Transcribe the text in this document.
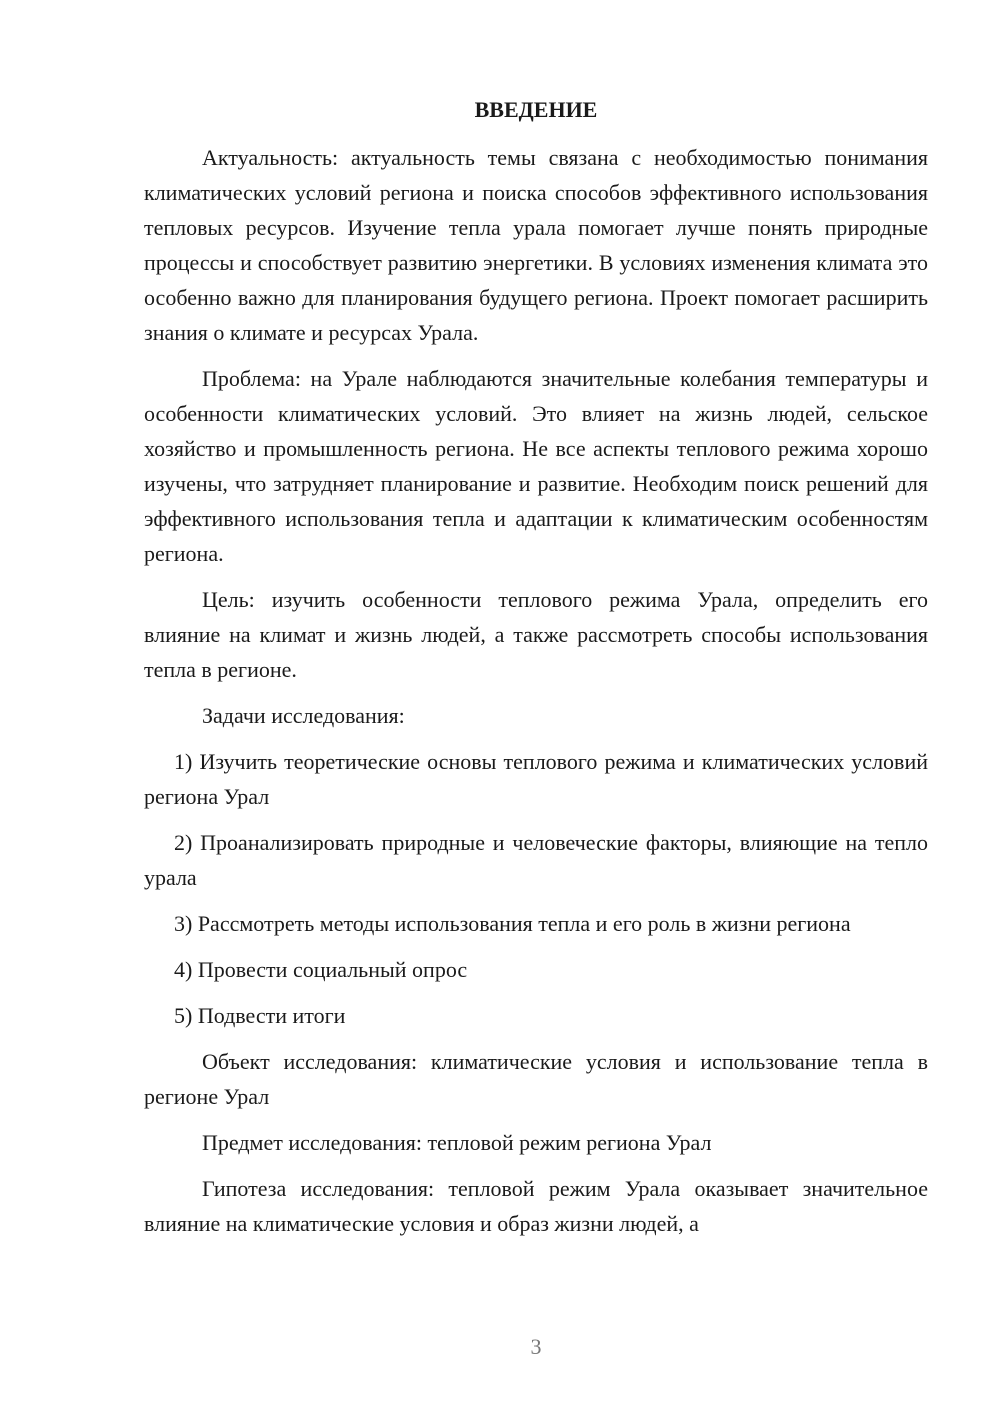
ВВЕДЕНИЕ

Актуальность: актуальность темы связана с необходимостью понимания климатических условий региона и поиска способов эффективного использования тепловых ресурсов. Изучение тепла урала помогает лучше понять природные процессы и способствует развитию энергетики. В условиях изменения климата это особенно важно для планирования будущего региона. Проект помогает расширить знания о климате и ресурсах Урала.

Проблема: на Урале наблюдаются значительные колебания температуры и особенности климатических условий. Это влияет на жизнь людей, сельское хозяйство и промышленность региона. Не все аспекты теплового режима хорошо изучены, что затрудняет планирование и развитие. Необходим поиск решений для эффективного использования тепла и адаптации к климатическим особенностям региона.

Цель: изучить особенности теплового режима Урала, определить его влияние на климат и жизнь людей, а также рассмотреть способы использования тепла в регионе.

Задачи исследования:

1) Изучить теоретические основы теплового режима и климатических условий региона Урал

2) Проанализировать природные и человеческие факторы, влияющие на тепло урала

3) Рассмотреть методы использования тепла и его роль в жизни региона

4) Провести социальный опрос

5) Подвести итоги

Объект исследования: климатические условия и использование тепла в регионе Урал

Предмет исследования: тепловой режим региона Урал

Гипотеза исследования: тепловой режим Урала оказывает значительное влияние на климатические условия и образ жизни людей, а

3
